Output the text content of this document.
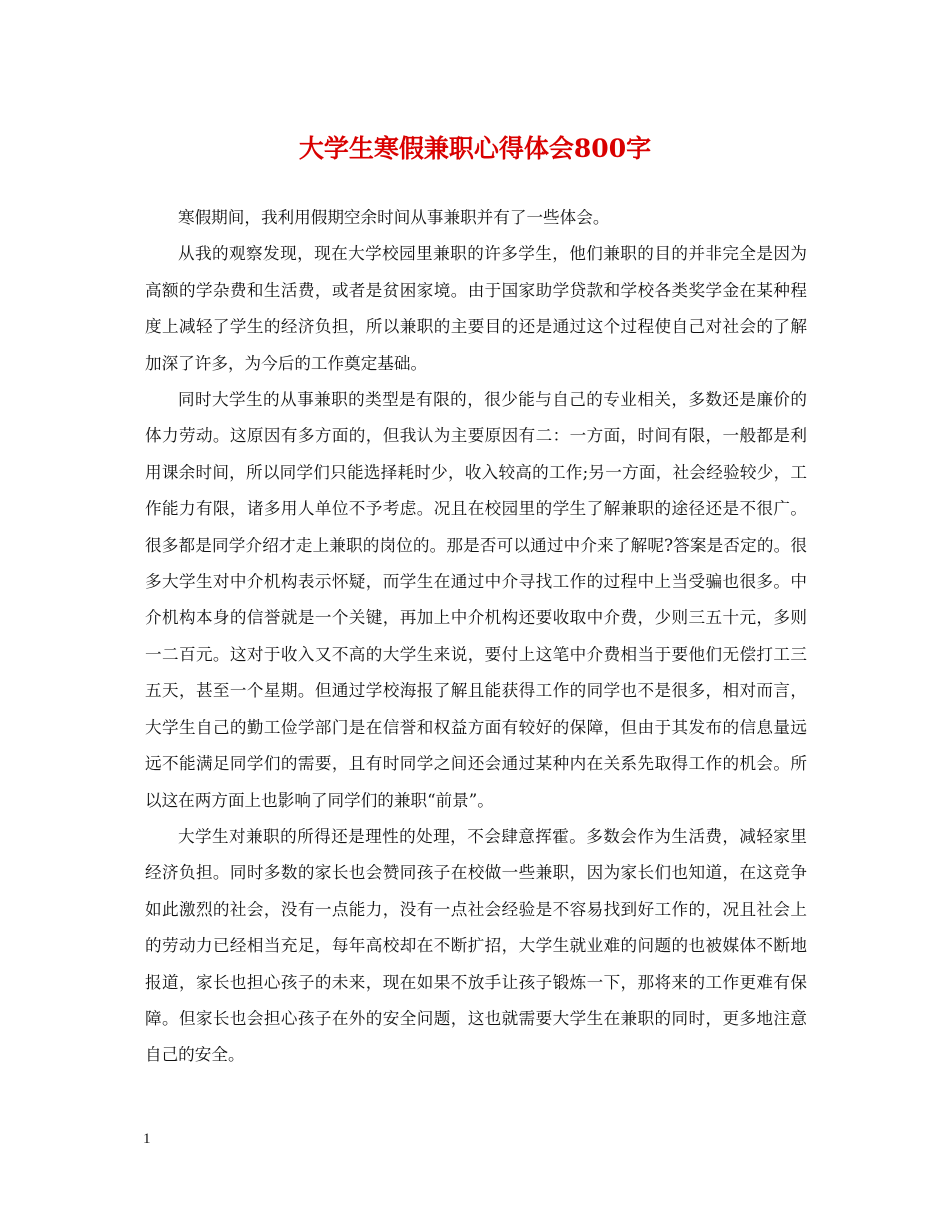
大学生寒假兼职心得体会800字

寒假期间，我利用假期空余时间从事兼职并有了一些体会。

从我的观察发现，现在大学校园里兼职的许多学生，他们兼职的目的并非完全是因为高额的学杂费和生活费，或者是贫困家境。由于国家助学贷款和学校各类奖学金在某种程度上减轻了学生的经济负担，所以兼职的主要目的还是通过这个过程使自己对社会的了解加深了许多，为今后的工作奠定基础。

同时大学生的从事兼职的类型是有限的，很少能与自己的专业相关，多数还是廉价的体力劳动。这原因有多方面的，但我认为主要原因有二：一方面，时间有限，一般都是利用课余时间，所以同学们只能选择耗时少，收入较高的工作;另一方面，社会经验较少，工作能力有限，诸多用人单位不予考虑。况且在校园里的学生了解兼职的途径还是不很广。很多都是同学介绍才走上兼职的岗位的。那是否可以通过中介来了解呢?答案是否定的。很多大学生对中介机构表示怀疑，而学生在通过中介寻找工作的过程中上当受骗也很多。中介机构本身的信誉就是一个关键，再加上中介机构还要收取中介费，少则三五十元，多则一二百元。这对于收入又不高的大学生来说，要付上这笔中介费相当于要他们无偿打工三五天，甚至一个星期。但通过学校海报了解且能获得工作的同学也不是很多，相对而言，大学生自己的勤工俭学部门是在信誉和权益方面有较好的保障，但由于其发布的信息量远远不能满足同学们的需要，且有时同学之间还会通过某种内在关系先取得工作的机会。所以这在两方面上也影响了同学们的兼职“前景”。

大学生对兼职的所得还是理性的处理，不会肆意挥霍。多数会作为生活费，减轻家里经济负担。同时多数的家长也会赞同孩子在校做一些兼职，因为家长们也知道，在这竞争如此激烈的社会，没有一点能力，没有一点社会经验是不容易找到好工作的，况且社会上的劳动力已经相当充足，每年高校却在不断扩招，大学生就业难的问题的也被媒体不断地报道，家长也担心孩子的未来，现在如果不放手让孩子锻炼一下，那将来的工作更难有保障。但家长也会担心孩子在外的安全问题，这也就需要大学生在兼职的同时，更多地注意自己的安全。

1
